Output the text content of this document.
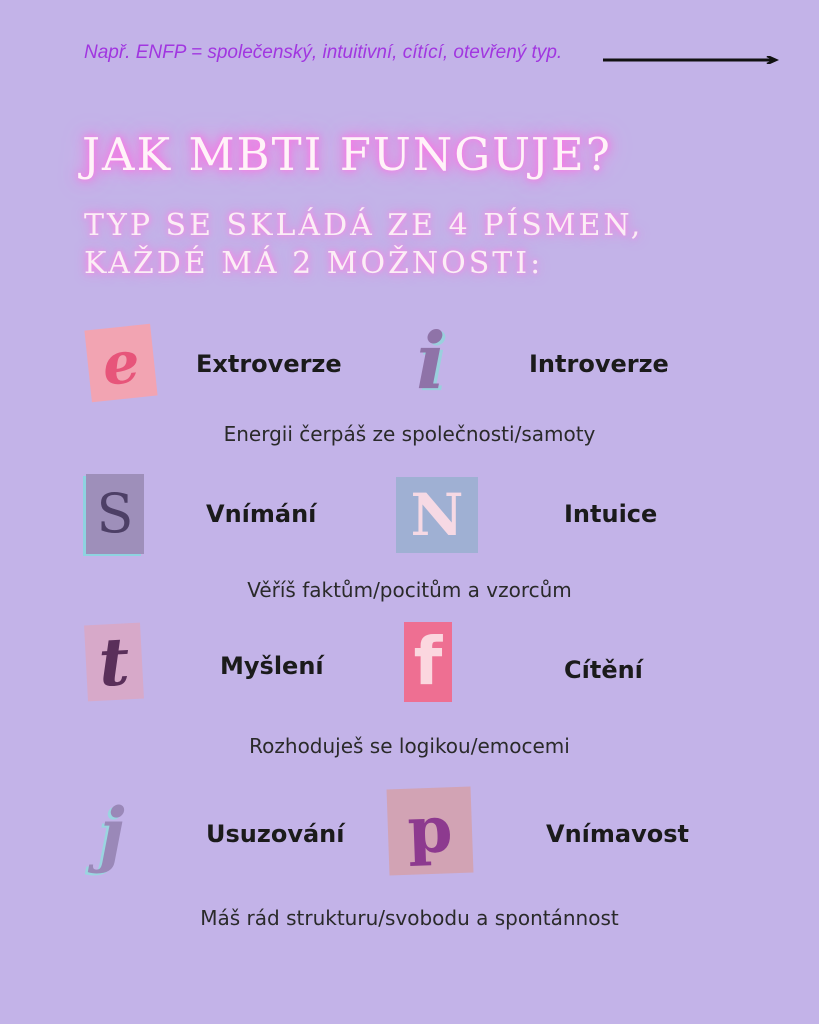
Např. ENFP = společenský, intuitivní, cítící, otevřený typ.
JAK MBTI FUNGUJE?
TYP SE SKLÁDÁ ZE 4 PÍSMEN, KAŽDÉ MÁ 2 MOŽNOSTI:
e Extroverze i	Introverze
Energii čerpáš ze společnosti/samoty
S	Vnímání N	Intuice
Věříš faktům/pocitům a vzorcům
t	Myšlení f	Cítění
Rozhoduješ se logikou/emocemi
j	Usuzování p	Vnímavost
Máš rád strukturu/svobodu a spontánnost
